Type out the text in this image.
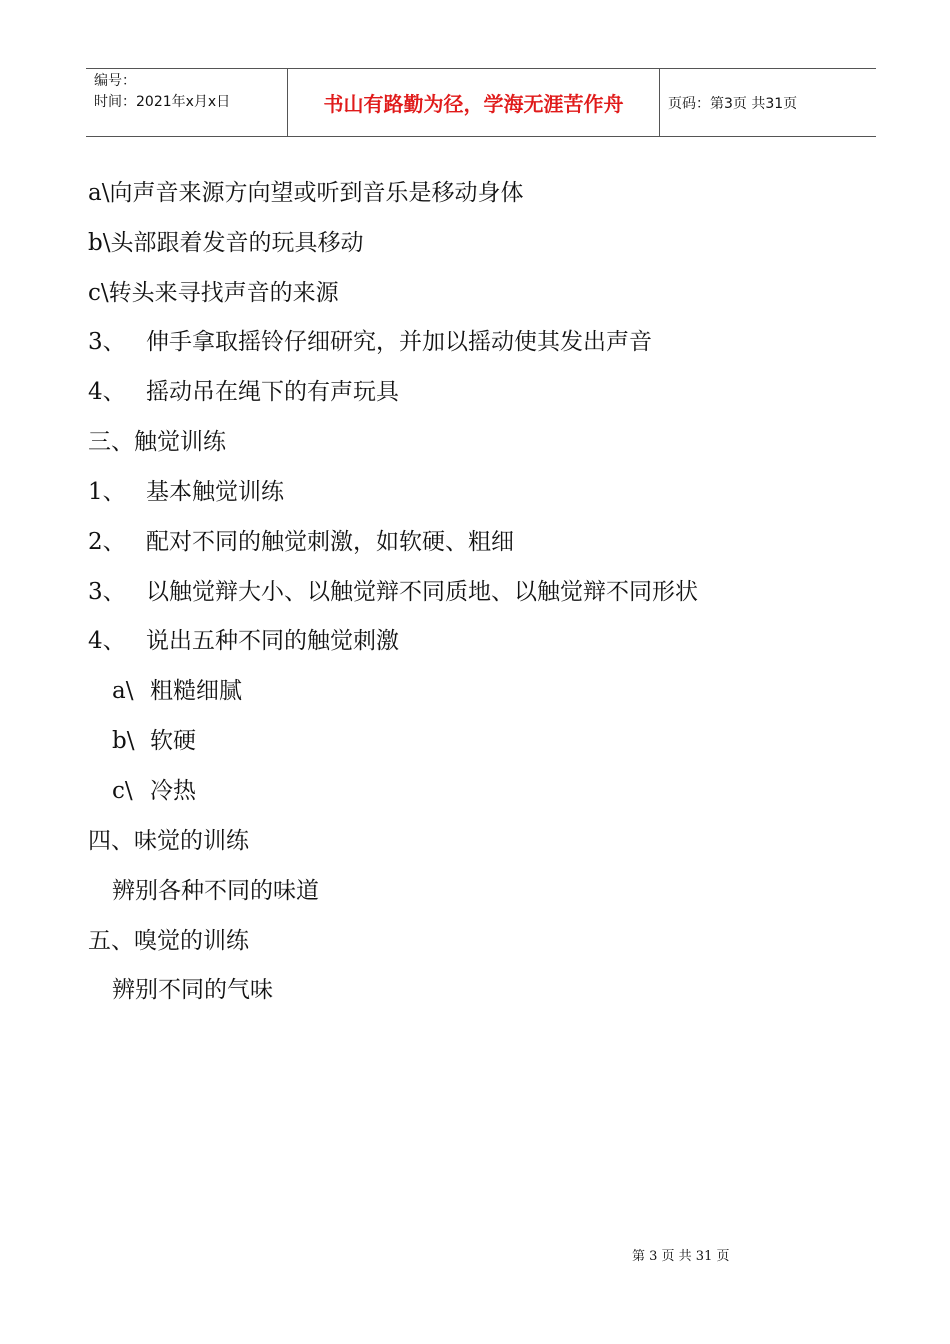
编号：
时间：2021年x月x日	书山有路勤为径，学海无涯苦作舟	页码：第3页 共31页
a\向声音来源方向望或听到音乐是移动身体
b\头部跟着发音的玩具移动
c\转头来寻找声音的来源
3、 伸手拿取摇铃仔细研究，并加以摇动使其发出声音
4、 摇动吊在绳下的有声玩具
三、触觉训练
1、 基本触觉训练
2、 配对不同的触觉刺激，如软硬、粗细
3、 以触觉辩大小、以触觉辩不同质地、以触觉辩不同形状
4、 说出五种不同的触觉刺激
a\ 粗糙细腻
b\ 软硬
c\ 冷热
四、味觉的训练
辨别各种不同的味道
五、嗅觉的训练
辨别不同的气味
第 3 页 共 31 页
